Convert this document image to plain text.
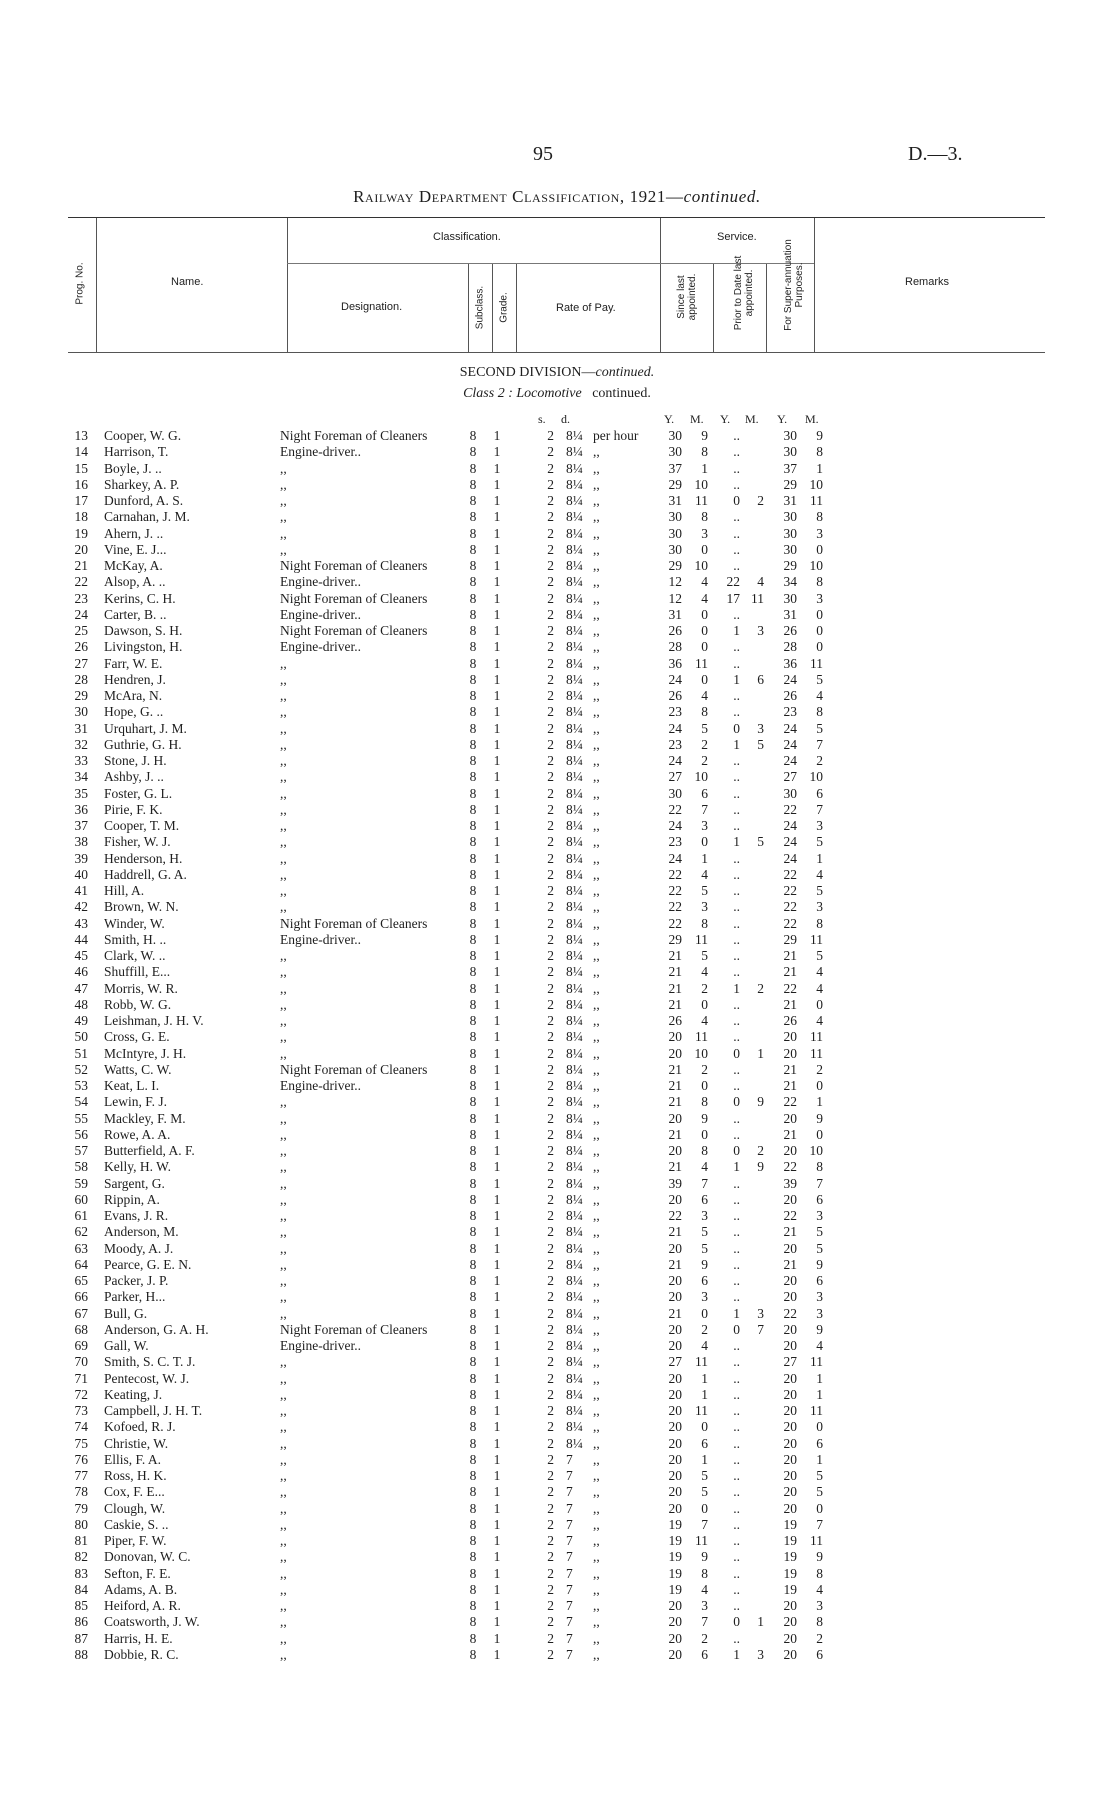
95	D.—3.
Railway Department Classification, 1921—continued.
Prog. No.	Name.
Classification.
Designation.	Subclass. Grade.	Rate of Pay.
Service.
Since last appointed.	Prior to Date last appointed.	For Super-annuation Purposes.	Remarks
SECOND DIVISION—continued.
Class 2 : Locomotive continued.
s. d.	Y. M. Y. M. Y. M.
13 Cooper, W. G.	Night Foreman of Cleaners	8 1	2 8¼ per hour	30	9	..	30	9
14 Harrison, T.	Engine-driver..	8 1	2 8¼ ,,	30	8	..	30	8
15 Boyle, J. ..	,,	8 1	2 8¼ ,,	37	1	..	37	1
16 Sharkey, A. P.	,,	8 1	2 8¼ ,,	29 10	..	29 10
17 Dunford, A. S.	,,	8 1	2 8¼ ,,	31 11	0	2	31 11
18 Carnahan, J. M.	,,	8 1	2 8¼ ,,	30	8	..	30	8
19 Ahern, J. ..	,,	8 1	2 8¼ ,,	30	3	..	30	3
20 Vine, E. J...	,,	8 1	2 8¼ ,,	30	0	..	30	0
21 McKay, A.	Night Foreman of Cleaners	8 1	2 8¼ ,,	29 10	..	29 10
22 Alsop, A. ..	Engine-driver..	8 1	2 8¼ ,,	12	4	22	4	34	8
23 Kerins, C. H.	Night Foreman of Cleaners	8 1	2 8¼ ,,	12	4	17 11	30	3
24 Carter, B. ..	Engine-driver..	8 1	2 8¼ ,,	31	0	..	31	0
25 Dawson, S. H.	Night Foreman of Cleaners	8 1	2 8¼ ,,	26	0	1	3	26	0
26 Livingston, H.	Engine-driver..	8 1	2 8¼ ,,	28	0	..	28	0
27 Farr, W. E.	,,	8 1	2 8¼ ,,	36 11	..	36 11
28 Hendren, J.	,,	8 1	2 8¼ ,,	24	0	1	6	24	5
29 McAra, N.	,,	8 1	2 8¼ ,,	26	4	..	26	4
30 Hope, G. ..	,,	8 1	2 8¼ ,,	23	8	..	23	8
31 Urquhart, J. M.	,,	8 1	2 8¼ ,,	24	5	0	3	24	5
32 Guthrie, G. H.	,,	8 1	2 8¼ ,,	23	2	1	5	24	7
33 Stone, J. H.	,,	8 1	2 8¼ ,,	24	2	..	24	2
34 Ashby, J. ..	,,	8 1	2 8¼ ,,	27 10	..	27 10
35 Foster, G. L.	,,	8 1	2 8¼ ,,	30	6	..	30	6
36 Pirie, F. K.	,,	8 1	2 8¼ ,,	22	7	..	22	7
37 Cooper, T. M.	,,	8 1	2 8¼ ,,	24	3	..	24	3
38 Fisher, W. J.	,,	8 1	2 8¼ ,,	23	0	1	5	24	5
39 Henderson, H.	,,	8 1	2 8¼ ,,	24	1	..	24	1
40 Haddrell, G. A.	,,	8 1	2 8¼ ,,	22	4	..	22	4
41 Hill, A.	,,	8 1	2 8¼ ,,	22	5	..	22	5
42 Brown, W. N.	,,	8 1	2 8¼ ,,	22	3	..	22	3
43 Winder, W.	Night Foreman of Cleaners	8 1	2 8¼ ,,	22	8	..	22	8
44 Smith, H. ..	Engine-driver..	8 1	2 8¼ ,,	29 11	..	29 11
45 Clark, W. ..	,,	8 1	2 8¼ ,,	21	5	..	21	5
46 Shuffill, E...	,,	8 1	2 8¼ ,,	21	4	..	21	4
47 Morris, W. R.	,,	8 1	2 8¼ ,,	21	2	1	2	22	4
48 Robb, W. G.	,,	8 1	2 8¼ ,,	21	0	..	21	0
49 Leishman, J. H. V.	,,	8 1	2 8¼ ,,	26	4	..	26	4
50 Cross, G. E.	,,	8 1	2 8¼ ,,	20 11	..	20 11
51 McIntyre, J. H.	,,	8 1	2 8¼ ,,	20 10	0	1	20 11
52 Watts, C. W.	Night Foreman of Cleaners	8 1	2 8¼ ,,	21	2	..	21	2
53 Keat, L. I.	Engine-driver..	8 1	2 8¼ ,,	21	0	..	21	0
54 Lewin, F. J.	,,	8 1	2 8¼ ,,	21	8	0	9	22	1
55 Mackley, F. M.	,,	8 1	2 8¼ ,,	20	9	..	20	9
56 Rowe, A. A.	,,	8 1	2 8¼ ,,	21	0	..	21	0
57 Butterfield, A. F.	,,	8 1	2 8¼ ,,	20	8	0	2	20 10
58 Kelly, H. W.	,,	8 1	2 8¼ ,,	21	4	1	9	22	8
59 Sargent, G.	,,	8 1	2 8¼ ,,	39	7	..	39	7
60 Rippin, A.	,,	8 1	2 8¼ ,,	20	6	..	20	6
61 Evans, J. R.	,,	8 1	2 8¼ ,,	22	3	..	22	3
62 Anderson, M.	,,	8 1	2 8¼ ,,	21	5	..	21	5
63 Moody, A. J.	,,	8 1	2 8¼ ,,	20	5	..	20	5
64 Pearce, G. E. N.	,,	8 1	2 8¼ ,,	21	9	..	21	9
65 Packer, J. P.	,,	8 1	2 8¼ ,,	20	6	..	20	6
66 Parker, H...	,,	8 1	2 8¼ ,,	20	3	..	20	3
67 Bull, G.	,,	8 1	2 8¼ ,,	21	0	1	3	22	3
68 Anderson, G. A. H.	Night Foreman of Cleaners	8 1	2 8¼ ,,	20	2	0	7	20	9
69 Gall, W.	Engine-driver..	8 1	2 8¼ ,,	20	4	..	20	4
70 Smith, S. C. T. J.	,,	8 1	2 8¼ ,,	27 11	..	27 11
71 Pentecost, W. J.	,,	8 1	2 8¼ ,,	20	1	..	20	1
72 Keating, J.	,,	8 1	2 8¼ ,,	20	1	..	20	1
73 Campbell, J. H. T.	,,	8 1	2 8¼ ,,	20 11	..	20 11
74 Kofoed, R. J.	,,	8 1	2 8¼ ,,	20	0	..	20	0
75 Christie, W.	,,	8 1	2 8¼ ,,	20	6	..	20	6
76 Ellis, F. A.	,,	8 1	2 7 ,,	20	1	..	20	1
77 Ross, H. K.	,,	8 1	2 7 ,,	20	5	..	20	5
78 Cox, F. E...	,,	8 1	2 7 ,,	20	5	..	20	5
79 Clough, W.	,,	8 1	2 7 ,,	20	0	..	20	0
80 Caskie, S. ..	,,	8 1	2 7 ,,	19	7	..	19	7
81 Piper, F. W.	,,	8 1	2 7 ,,	19 11	..	19 11
82 Donovan, W. C.	,,	8 1	2 7 ,,	19	9	..	19	9
83 Sefton, F. E.	,,	8 1	2 7 ,,	19	8	..	19	8
84 Adams, A. B.	,,	8 1	2 7 ,,	19	4	..	19	4
85 Heiford, A. R.	,,	8 1	2 7 ,,	20	3	..	20	3
86 Coatsworth, J. W.	,,	8 1	2 7 ,,	20	7	0	1	20	8
87 Harris, H. E.	,,	8 1	2 7 ,,	20	2	..	20	2
88 Dobbie, R. C.	,,	8 1	2 7 ,,	20	6	1	3	20	6
